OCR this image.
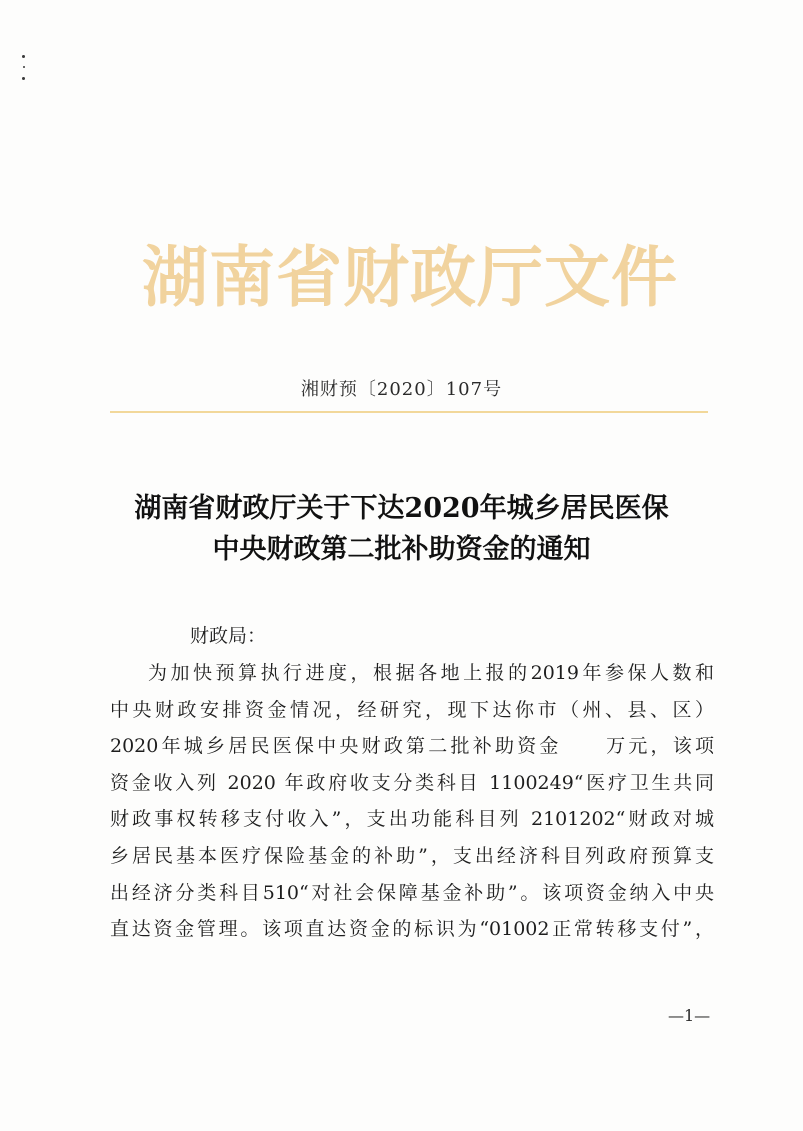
湖南省财政厅文件
湘财预〔2020〕107号
湖南省财政厅关于下达2020年城乡居民医保
中央财政第二批补助资金的通知
财政局：
为加快预算执行进度，根据各地上报的2019年参保人数和
中央财政安排资金情况，经研究，现下达你市（州、县、区）
2020年城乡居民医保中央财政第二批补助资金　　万元，该项
资金收入列 2020 年政府收支分类科目 1100249“医疗卫生共同
财政事权转移支付收入”，支出功能科目列 2101202“财政对城
乡居民基本医疗保险基金的补助”，支出经济科目列政府预算支
出经济分类科目510“对社会保障基金补助”。该项资金纳入中央
直达资金管理。该项直达资金的标识为“01002正常转移支付”，
—1—
